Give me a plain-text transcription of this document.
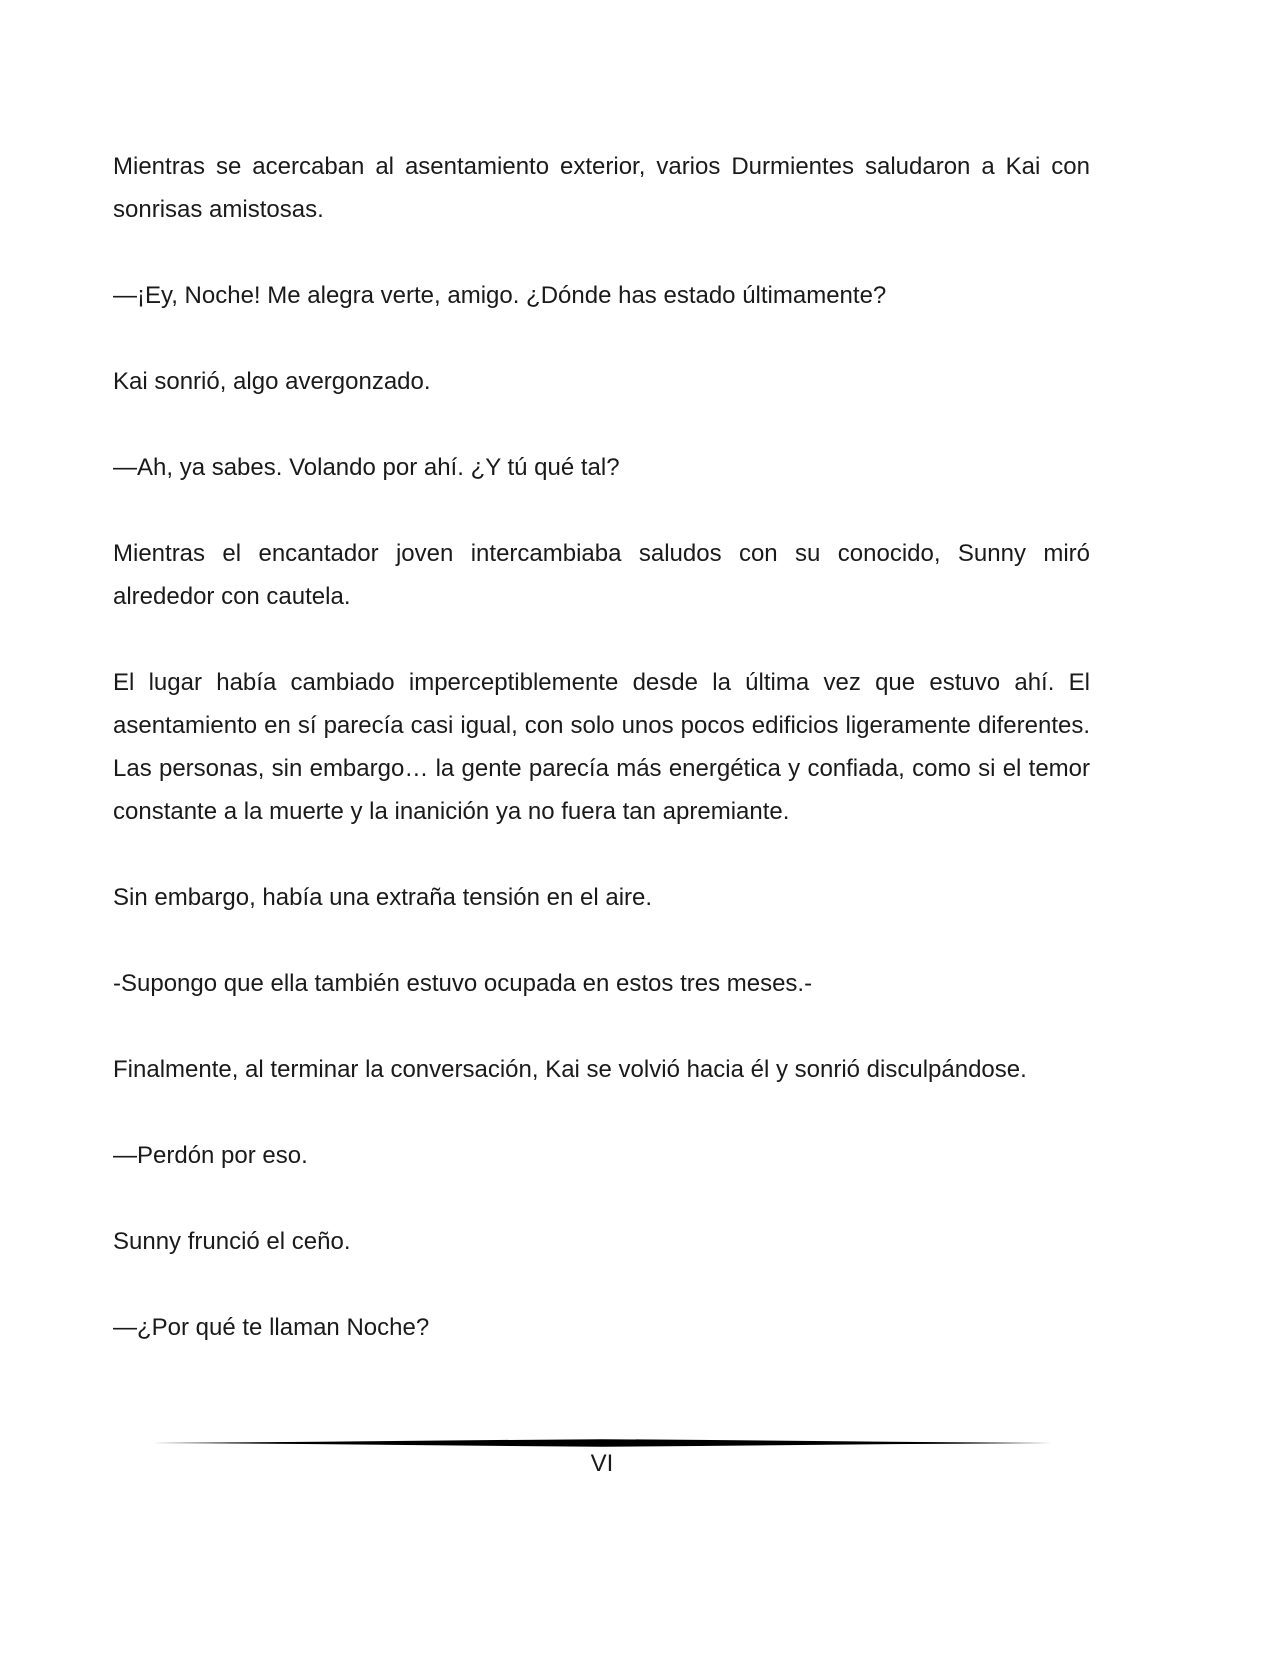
Mientras se acercaban al asentamiento exterior, varios Durmientes saludaron a Kai con sonrisas amistosas.

—¡Ey, Noche! Me alegra verte, amigo. ¿Dónde has estado últimamente?

Kai sonrió, algo avergonzado.

—Ah, ya sabes. Volando por ahí. ¿Y tú qué tal?

Mientras el encantador joven intercambiaba saludos con su conocido, Sunny miró alrededor con cautela.

El lugar había cambiado imperceptiblemente desde la última vez que estuvo ahí. El asentamiento en sí parecía casi igual, con solo unos pocos edificios ligeramente diferentes. Las personas, sin embargo… la gente parecía más energética y confiada, como si el temor constante a la muerte y la inanición ya no fuera tan apremiante.

Sin embargo, había una extraña tensión en el aire.

-Supongo que ella también estuvo ocupada en estos tres meses.-

Finalmente, al terminar la conversación, Kai se volvió hacia él y sonrió disculpándose.

—Perdón por eso.

Sunny frunció el ceño.

—¿Por qué te llaman Noche?

VI
